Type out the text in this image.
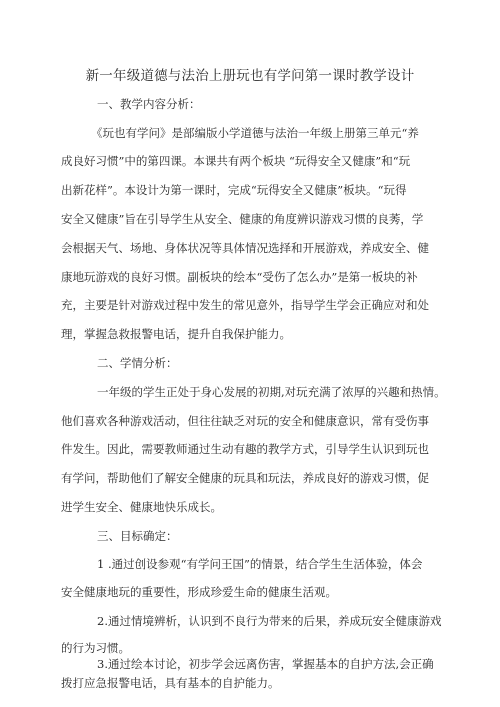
新一年级道德与法治上册玩也有学问第一课时教学设计
一、教学内容分析：
《玩也有学问》是部编版小学道德与法治一年级上册第三单元“养
成良好习惯”中的第四课。本课共有两个板块 “玩得安全又健康”和“玩
出新花样”。本设计为第一课时，完成“玩得安全又健康”板块。“玩得
安全又健康”旨在引导学生从安全、健康的角度辨识游戏习惯的良莠，学
会根据天气、场地、身体状况等具体情况选择和开展游戏，养成安全、健
康地玩游戏的良好习惯。副板块的绘本“受伤了怎么办”是第一板块的补
充，主要是针对游戏过程中发生的常见意外，指导学生学会正确应对和处
理，掌握急救报警电话，提升自我保护能力。
二、学情分析：
一年级的学生正处于身心发展的初期,对玩充满了浓厚的兴趣和热情。
他们喜欢各种游戏活动，但往往缺乏对玩的安全和健康意识，常有受伤事
件发生。因此，需要教师通过生动有趣的教学方式，引导学生认识到玩也
有学问，帮助他们了解安全健康的玩具和玩法，养成良好的游戏习惯，促
进学生安全、健康地快乐成长。
三、目标确定：
1 .通过创设参观“有学问王国”的情景，结合学生生活体验，体会
安全健康地玩的重要性，形成珍爱生命的健康生活观。
2.通过情境辨析，认识到不良行为带来的后果，养成玩安全健康游戏
的行为习惯。
3.通过绘本讨论，初步学会远离伤害，掌握基本的自护方法,会正确
拨打应急报警电话，具有基本的自护能力。
